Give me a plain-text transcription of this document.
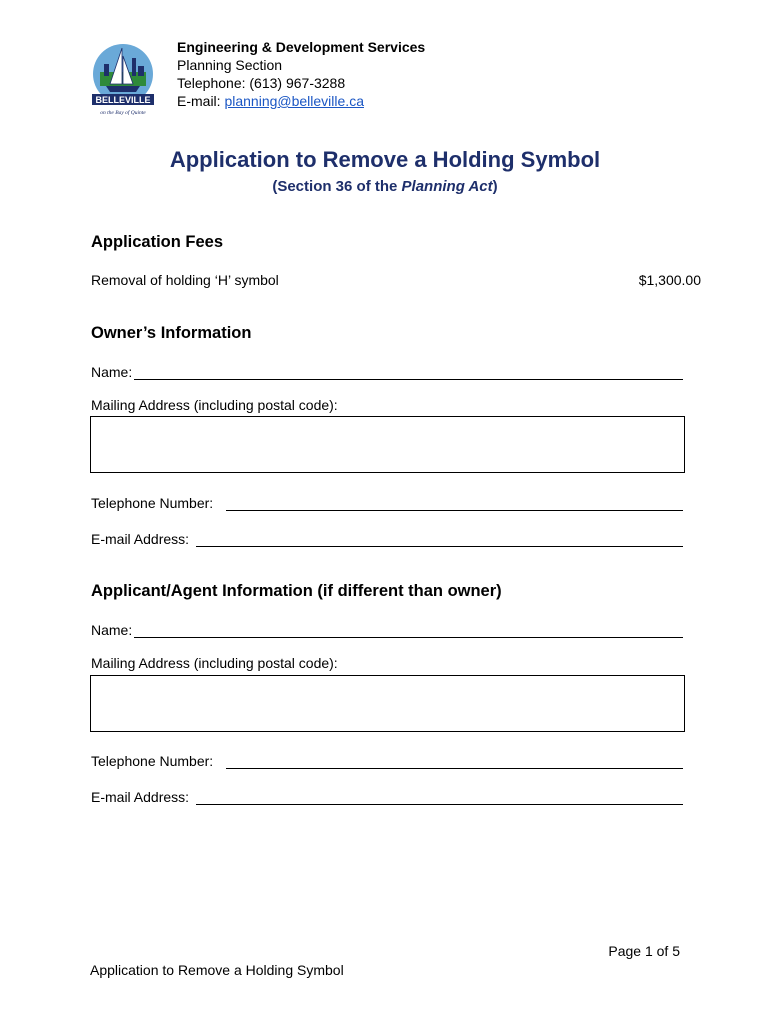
BELLEVILLE
on the Bay of Quinte
Engineering & Development Services
Planning Section
Telephone: (613) 967-3288
E-mail: planning@belleville.ca
Application to Remove a Holding Symbol
(Section 36 of the Planning Act)
Application Fees
Removal of holding ‘H’ symbol	$1,300.00
Owner’s Information
Name:
Mailing Address (including postal code):
Telephone Number:
E-mail Address:
Applicant/Agent Information (if different than owner)
Name:
Mailing Address (including postal code):
Telephone Number:
E-mail Address:
Page 1 of 5
Application to Remove a Holding Symbol
